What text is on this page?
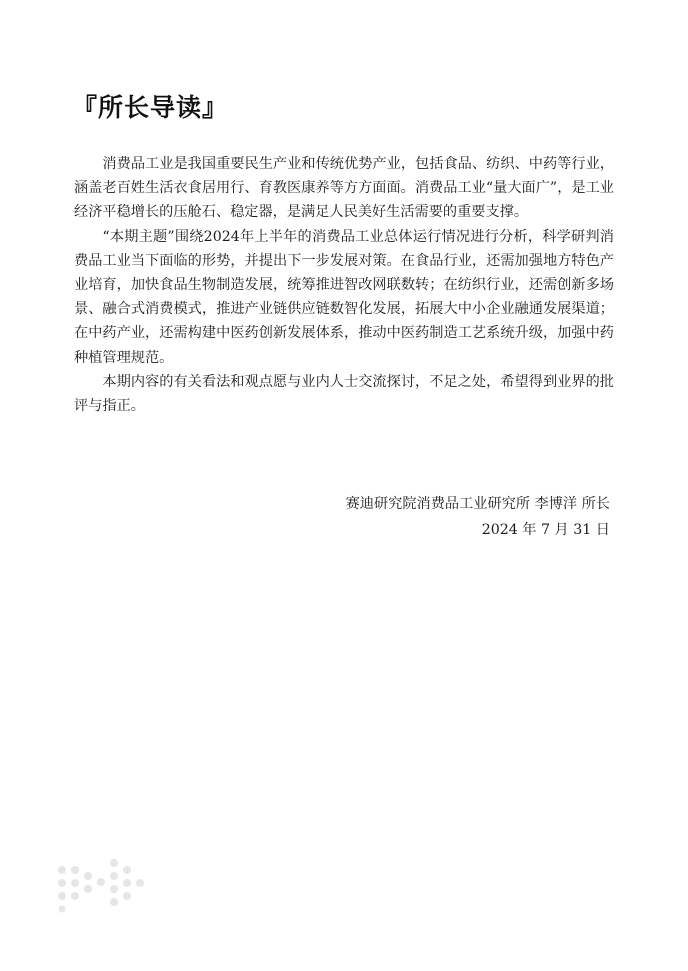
『所长导读』

消费品工业是我国重要民生产业和传统优势产业，包括食品、纺织、中药等行业，涵盖老百姓生活衣食居用行、育教医康养等方方面面。消费品工业“量大面广”，是工业经济平稳增长的压舱石、稳定器，是满足人民美好生活需要的重要支撑。

“本期主题”围绕2024年上半年的消费品工业总体运行情况进行分析，科学研判消费品工业当下面临的形势，并提出下一步发展对策。在食品行业，还需加强地方特色产业培育，加快食品生物制造发展，统筹推进智改网联数转；在纺织行业，还需创新多场景、融合式消费模式，推进产业链供应链数智化发展，拓展大中小企业融通发展渠道；在中药产业，还需构建中医药创新发展体系，推动中医药制造工艺系统升级，加强中药种植管理规范。

本期内容的有关看法和观点愿与业内人士交流探讨，不足之处，希望得到业界的批评与指正。

赛迪研究院消费品工业研究所 李博洋 所长
2024 年 7 月 31 日
